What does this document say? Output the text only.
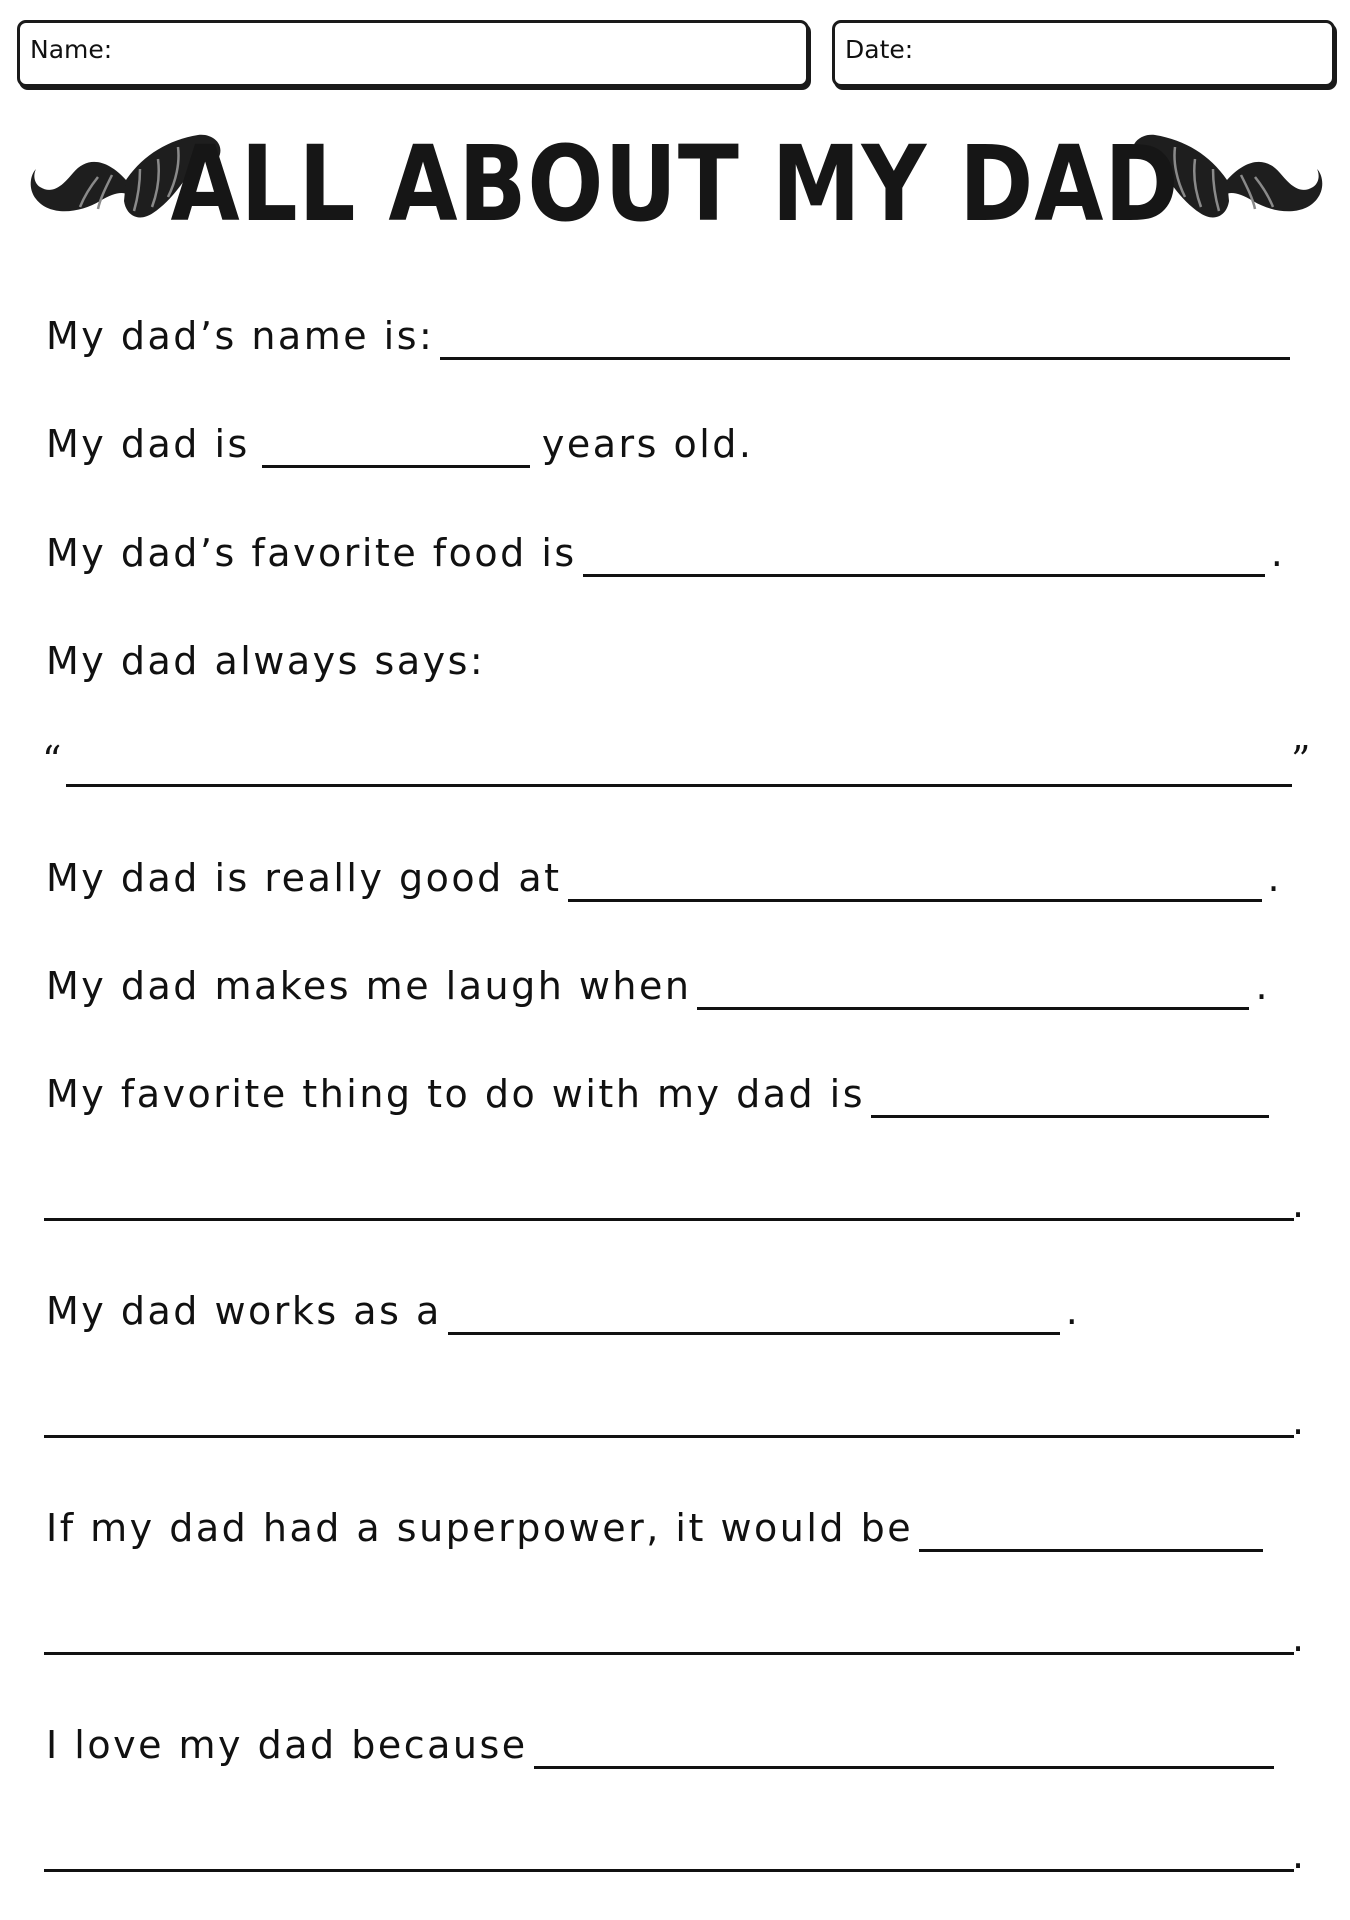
Name:	Date:
ALL ABOUT MY DAD
My dad’s name is:
My dad is	years old.
My dad’s favorite food is	.
My dad always says:
“	”
My dad is really good at	.
My dad makes me laugh when	.
My favorite thing to do with my dad is
.
My dad works as a	.
.
If my dad had a superpower, it would be
.
I love my dad because
.
